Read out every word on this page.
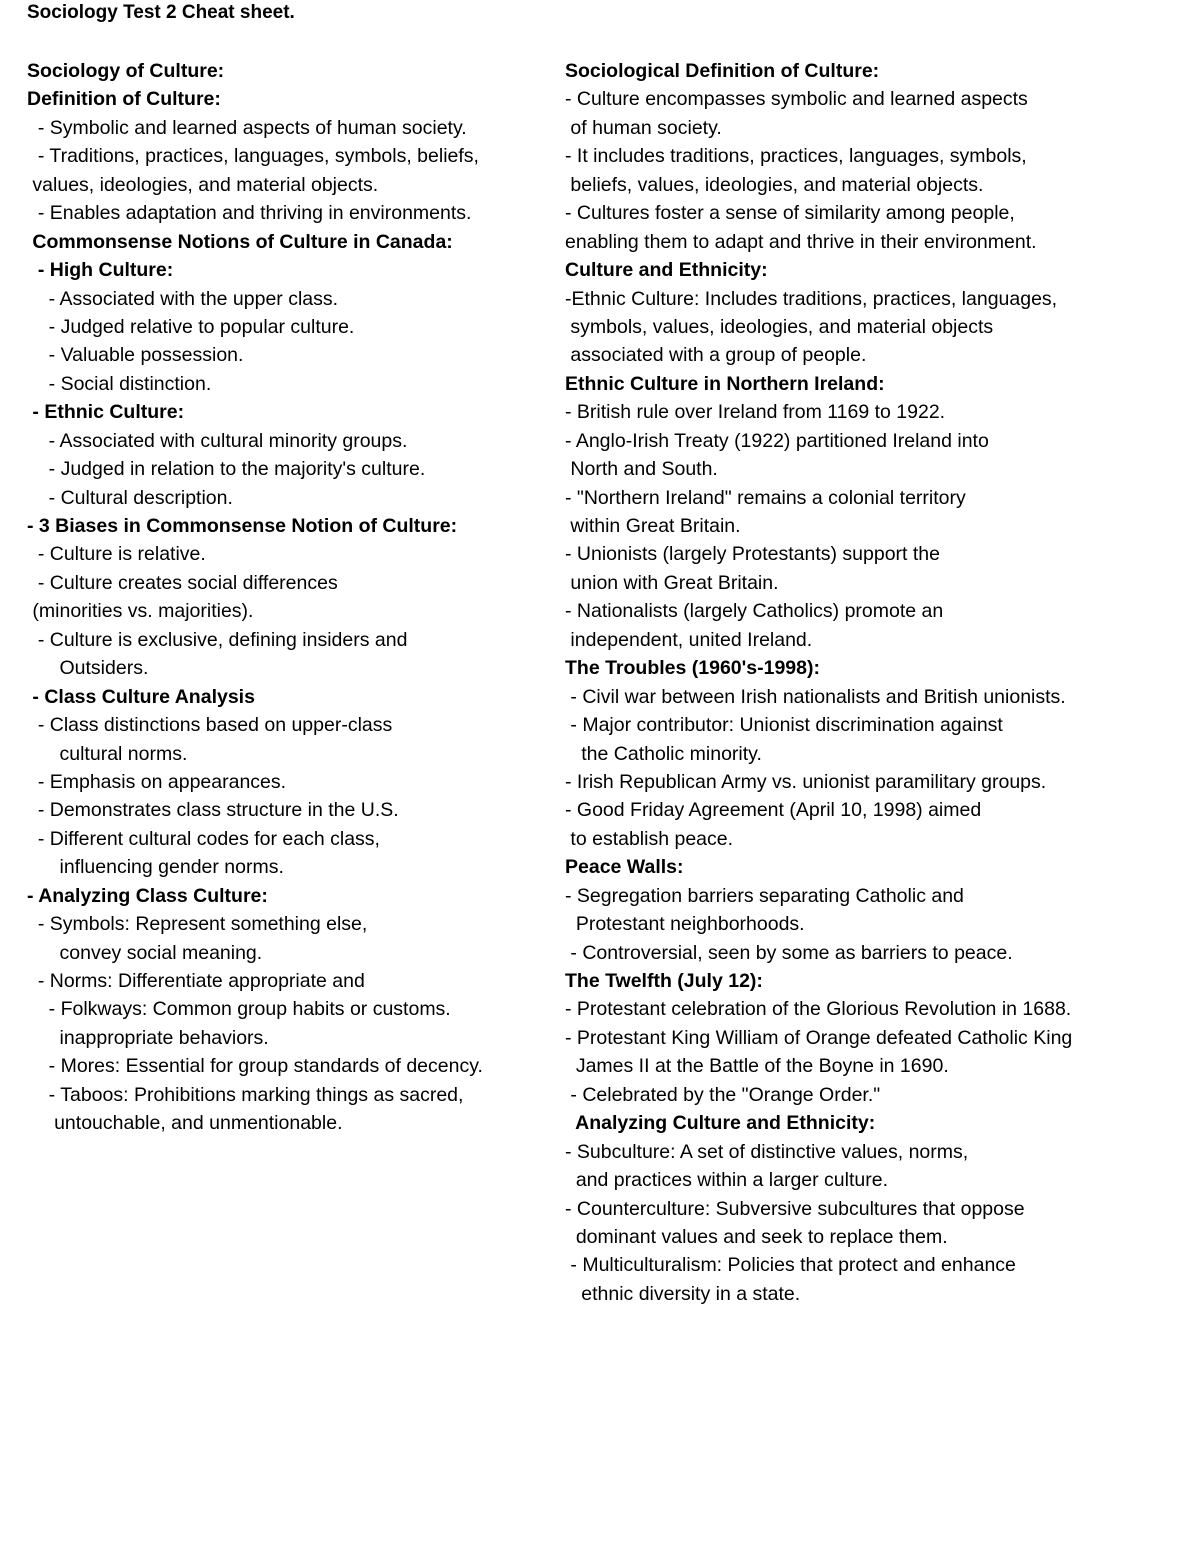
Sociology Test 2 Cheat sheet.
Sociology of Culture:
Definition of Culture:
- Symbolic and learned aspects of human society.
- Traditions, practices, languages, symbols, beliefs,
values, ideologies, and material objects.
- Enables adaptation and thriving in environments.
Commonsense Notions of Culture in Canada:
- High Culture:
- Associated with the upper class.
- Judged relative to popular culture.
- Valuable possession.
- Social distinction.
- Ethnic Culture:
- Associated with cultural minority groups.
- Judged in relation to the majority's culture.
- Cultural description.
- 3 Biases in Commonsense Notion of Culture:
- Culture is relative.
- Culture creates social differences
(minorities vs. majorities).
- Culture is exclusive, defining insiders and
Outsiders.
- Class Culture Analysis
- Class distinctions based on upper-class
cultural norms.
- Emphasis on appearances.
- Demonstrates class structure in the U.S.
- Different cultural codes for each class,
influencing gender norms.
- Analyzing Class Culture:
- Symbols: Represent something else,
convey social meaning.
- Norms: Differentiate appropriate and
- Folkways: Common group habits or customs.
inappropriate behaviors.
- Mores: Essential for group standards of decency.
- Taboos: Prohibitions marking things as sacred,
untouchable, and unmentionable.
Sociological Definition of Culture:
- Culture encompasses symbolic and learned aspects
of human society.
- It includes traditions, practices, languages, symbols,
beliefs, values, ideologies, and material objects.
- Cultures foster a sense of similarity among people,
enabling them to adapt and thrive in their environment.
Culture and Ethnicity:
-Ethnic Culture: Includes traditions, practices, languages,
symbols, values, ideologies, and material objects
associated with a group of people.
Ethnic Culture in Northern Ireland:
- British rule over Ireland from 1169 to 1922.
- Anglo-Irish Treaty (1922) partitioned Ireland into
North and South.
- "Northern Ireland" remains a colonial territory
within Great Britain.
- Unionists (largely Protestants) support the
union with Great Britain.
- Nationalists (largely Catholics) promote an
independent, united Ireland.
The Troubles (1960's-1998):
- Civil war between Irish nationalists and British unionists.
- Major contributor: Unionist discrimination against
the Catholic minority.
- Irish Republican Army vs. unionist paramilitary groups.
- Good Friday Agreement (April 10, 1998) aimed
to establish peace.
Peace Walls:
- Segregation barriers separating Catholic and
Protestant neighborhoods.
- Controversial, seen by some as barriers to peace.
The Twelfth (July 12):
- Protestant celebration of the Glorious Revolution in 1688.
- Protestant King William of Orange defeated Catholic King
James II at the Battle of the Boyne in 1690.
- Celebrated by the "Orange Order."
Analyzing Culture and Ethnicity:
- Subculture: A set of distinctive values, norms,
and practices within a larger culture.
- Counterculture: Subversive subcultures that oppose
dominant values and seek to replace them.
- Multiculturalism: Policies that protect and enhance
ethnic diversity in a state.
